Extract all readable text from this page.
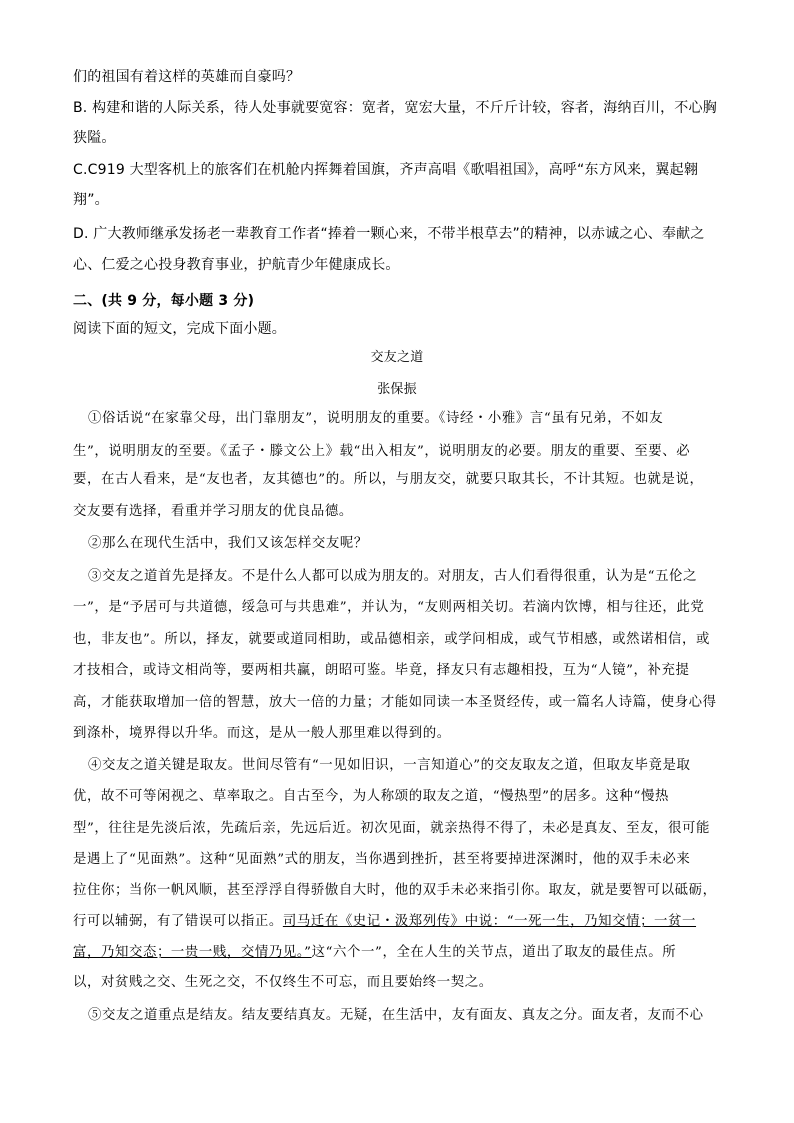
们的祖国有着这样的英雄而自豪吗？
B. 构建和谐的人际关系，待人处事就要宽容：宽者，宽宏大量，不斤斤计较，容者，海纳百川，不心胸
狭隘。
C.C919 大型客机上的旅客们在机舱内挥舞着国旗，齐声高唱《歌唱祖国》，高呼“东方风来，翼起翱
翔”。
D. 广大教师继承发扬老一辈教育工作者“捧着一颗心来，不带半根草去”的精神，以赤诚之心、奉献之
心、仁爱之心投身教育事业，护航青少年健康成长。
二、(共 9 分，每小题 3 分)
阅读下面的短文，完成下面小题。
交友之道
张保振
①俗话说“在家靠父母，出门靠朋友”，说明朋友的重要。《诗经・小雅》言“虽有兄弟，不如友
生”，说明朋友的至要。《孟子・滕文公上》载“出入相友”，说明朋友的必要。朋友的重要、至要、必
要，在古人看来，是“友也者，友其德也”的。所以，与朋友交，就要只取其长，不计其短。也就是说，
交友要有选择，看重并学习朋友的优良品德。
②那么在现代生活中，我们又该怎样交友呢？
③交友之道首先是择友。不是什么人都可以成为朋友的。对朋友，古人们看得很重，认为是“五伦之
一”，是“予居可与共道德，绥急可与共患难”，并认为，“友则两相关切。若滴内饮博，相与往还，此党
也，非友也”。所以，择友，就要或道同相助，或品德相亲，或学问相成，或气节相感，或然诺相信，或
才技相合，或诗文相尚等，要两相共赢，朗昭可鉴。毕竟，择友只有志趣相投，互为“人镜”，补充提
高，才能获取增加一倍的智慧，放大一倍的力量；才能如同读一本圣贤经传，或一篇名人诗篇，使身心得
到涤朴，境界得以升华。而这，是从一般人那里难以得到的。
④交友之道关键是取友。世间尽管有“一见如旧识，一言知道心”的交友取友之道，但取友毕竟是取
优，故不可等闲视之、草率取之。自古至今，为人称颂的取友之道，“慢热型”的居多。这种“慢热
型”，往往是先淡后浓，先疏后亲，先远后近。初次见面，就亲热得不得了，未必是真友、至友，很可能
是遇上了“见面熟”。这种“见面熟”式的朋友，当你遇到挫折，甚至将要掉进深渊时，他的双手未必来
拉住你；当你一帆风顺，甚至浮浮自得骄傲自大时，他的双手未必来指引你。取友，就是要智可以砥砺，
行可以辅弼，有了错误可以指正。司马迁在《史记・汲郑列传》中说：“一死一生，乃知交情；一贫一
富，乃知交态；一贵一贱，交情乃见。”这“六个一”，全在人生的关节点，道出了取友的最佳点。所
以，对贫贱之交、生死之交，不仅终生不可忘，而且要始终一契之。
⑤交友之道重点是结友。结友要结真友。无疑，在生活中，友有面友、真友之分。面友者，友而不心
